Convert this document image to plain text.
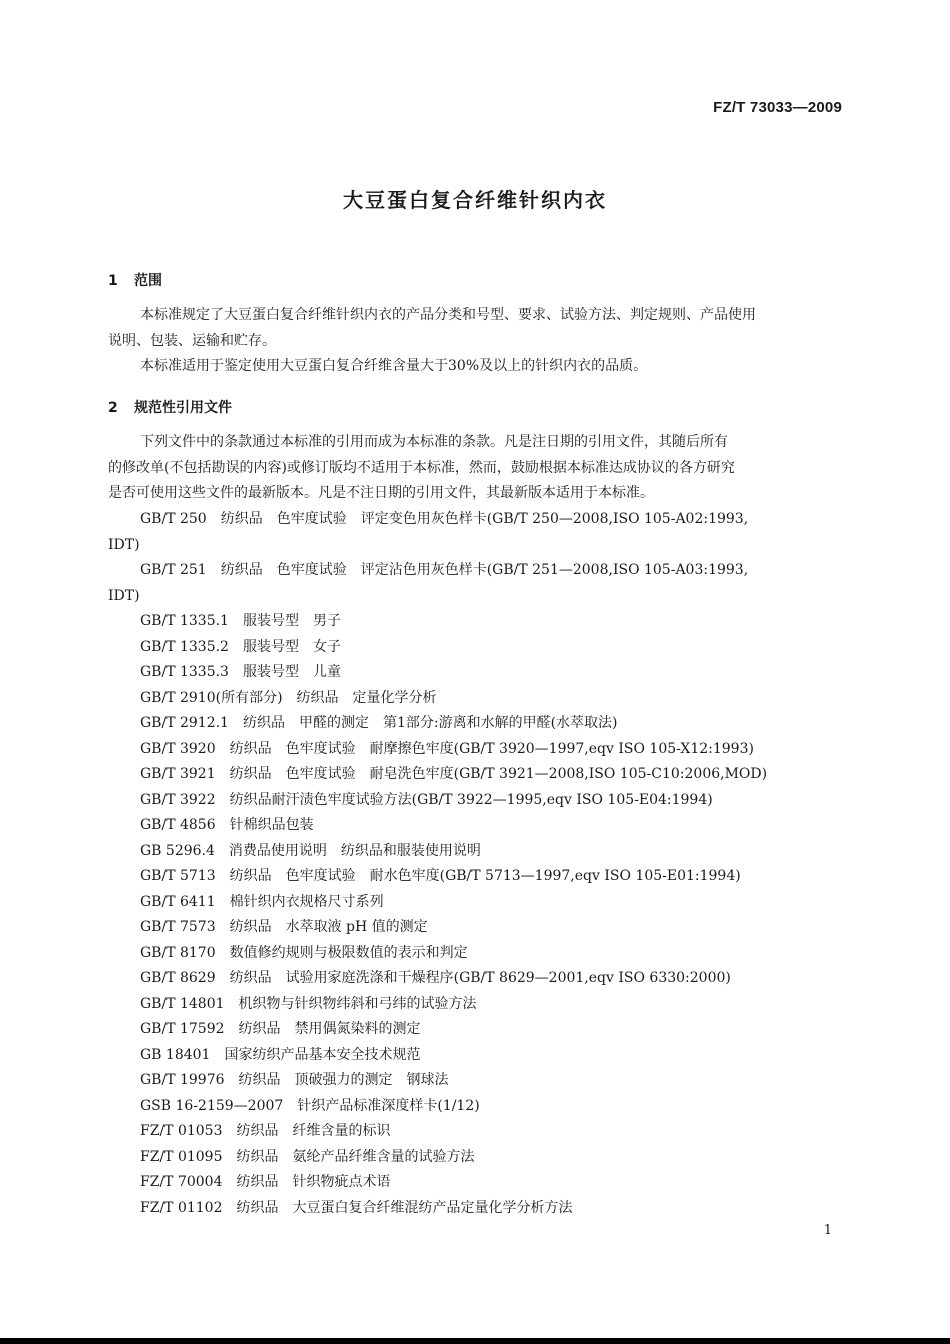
FZ/T 73033—2009
大豆蛋白复合纤维针织内衣
1 范围
本标准规定了大豆蛋白复合纤维针织内衣的产品分类和号型、要求、试验方法、判定规则、产品使用
说明、包装、运输和贮存。
本标准适用于鉴定使用大豆蛋白复合纤维含量大于30%及以上的针织内衣的品质。
2 规范性引用文件
下列文件中的条款通过本标准的引用而成为本标准的条款。凡是注日期的引用文件，其随后所有
的修改单(不包括勘误的内容)或修订版均不适用于本标准，然而，鼓励根据本标准达成协议的各方研究
是否可使用这些文件的最新版本。凡是不注日期的引用文件，其最新版本适用于本标准。
GB/T 250 纺织品 色牢度试验 评定变色用灰色样卡(GB/T 250—2008,ISO 105-A02:1993,
IDT)
GB/T 251 纺织品 色牢度试验 评定沾色用灰色样卡(GB/T 251—2008,ISO 105-A03:1993,
IDT)
GB/T 1335.1 服装号型 男子
GB/T 1335.2 服装号型 女子
GB/T 1335.3 服装号型 儿童
GB/T 2910(所有部分) 纺织品 定量化学分析
GB/T 2912.1 纺织品 甲醛的测定 第1部分:游离和水解的甲醛(水萃取法)
GB/T 3920 纺织品 色牢度试验 耐摩擦色牢度(GB/T 3920—1997,eqv ISO 105-X12:1993)
GB/T 3921 纺织品 色牢度试验 耐皂洗色牢度(GB/T 3921—2008,ISO 105-C10:2006,MOD)
GB/T 3922 纺织品耐汗渍色牢度试验方法(GB/T 3922—1995,eqv ISO 105-E04:1994)
GB/T 4856 针棉织品包装
GB 5296.4 消费品使用说明 纺织品和服装使用说明
GB/T 5713 纺织品 色牢度试验 耐水色牢度(GB/T 5713—1997,eqv ISO 105-E01:1994)
GB/T 6411 棉针织内衣规格尺寸系列
GB/T 7573 纺织品 水萃取液 pH 值的测定
GB/T 8170 数值修约规则与极限数值的表示和判定
GB/T 8629 纺织品 试验用家庭洗涤和干燥程序(GB/T 8629—2001,eqv ISO 6330:2000)
GB/T 14801 机织物与针织物纬斜和弓纬的试验方法
GB/T 17592 纺织品 禁用偶氮染料的测定
GB 18401 国家纺织产品基本安全技术规范
GB/T 19976 纺织品 顶破强力的测定 钢球法
GSB 16-2159—2007 针织产品标准深度样卡(1/12)
FZ/T 01053 纺织品 纤维含量的标识
FZ/T 01095 纺织品 氨纶产品纤维含量的试验方法
FZ/T 70004 纺织品 针织物疵点术语
FZ/T 01102 纺织品 大豆蛋白复合纤维混纺产品定量化学分析方法
1
